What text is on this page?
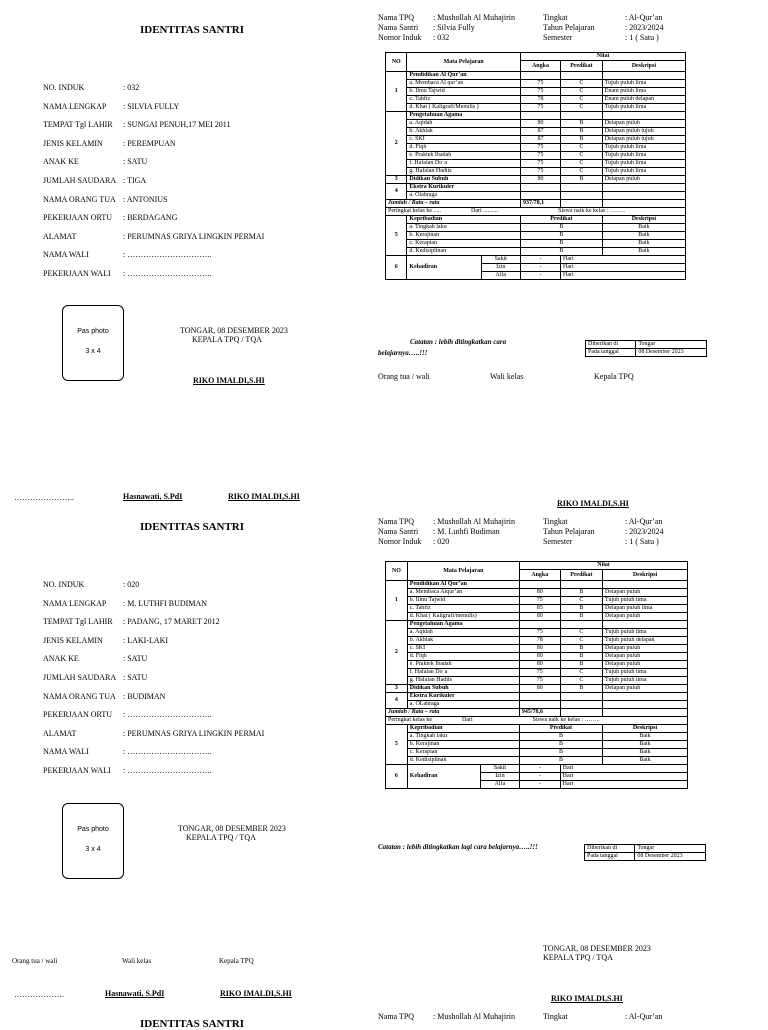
IDENTITAS SANTRI
NO. INDUK	: 032
NAMA LENGKAP : SILVIA FULLY
TEMPAT Tgl LAHIR : SUNGAI PENUH,17 MEI 2011
JENIS KELAMIN	: PEREMPUAN
ANAK KE	: SATU
JUMLAH SAUDARA : TIGA
NAMA ORANG TUA : ANTONIUS
PEKERJAAN ORTU : BERDAGANG
ALAMAT	: PERUMNAS GRIYA LINGKIN PERMAI
NAMA WALI	: …………………………..
PEKERJAAN WALI : …………………………..
Pas photo
3 x 4
TONGAR, 08 DESEMBER 2023
KEPALA TPQ / TQA
RIKO IMALDI,S.HI
Nama TPQ : Mushollah Al Muhajirin	Tingkat	: Al-Qur’an
Nama Santri : Silvia Fully	Tahun Pelajaran	: 2023/2024
Nomor Induk : 032	Semester	: 1 ( Satu )
NO	Mata Pelajaran		Nilai		
			Angka	Predikat	Deskripsi
1	Pendidikan Al Qur’an				
	a. Membaca Al qur’an		75	C	Tujuh puluh lima
	b. Ilmu Tajwid		75	C	Enam puluh lima
	c. Tahfiz		78	C	Enam puluh delapan
	d. Khat ( Kaligrafi/Menulis )		75	C	Tujuh puluh lima
2	Pengetahuan Agama				
	a. Aqidah		80	B	Delapan puluh
	b. Akhlak		87	B	Delapan puluh tujuh
	c. SKI		87	B	Delapan puluh tujuh
	d. Fiqh		75	C	Tujuh puluh lima
	e. Praktek Ibadah		75	C	Tujuh puluh lima
	f. Hafalan Do`a		75	C	Tujuh puluh lima
	g. Hafalan Hadits		75	C	Tujuh puluh lima
3	Didikan Subuh		80	B	Delapan puluh
4	Ekstra Kurikuler				
	a. Olahraga				
Jumlah / Rata – rata			937/78,1		
Peringkat kelas ke ..... Dari .......... Siswa naik ke kelas : ……..					
5	Kepribadian		Predikat		Deskripsi
	a. Tingkah laku		B		Baik
	b. Kerajinan		B		Baik
	c. Kerapian		B		Baik
	d. Kedisiplinan		B		Baik
6	Kehadiran	Sakit	-	Hari	
		Izin	-	Hari	
		Alfa	-	Hari	
Diberikan di	Tongar
Pada tanggal	08 Desember 2023
Catatan : lebih ditingkatkan cara
belajarnya…..!!!
Orang tua / wali	Wali kelas	Kepala TPQ
…………………..	Hasnawati, S.PdI	RIKO IMALDI,S.HI
RIKO IMALDI,S.HI
IDENTITAS SANTRI
NO. INDUK	: 020
NAMA LENGKAP : M. LUTHFI BUDIMAN
TEMPAT Tgl LAHIR : PADANG, 17 MARET 2012
JENIS KELAMIN	: LAKI-LAKI
ANAK KE	: SATU
JUMLAH SAUDARA : SATU
NAMA ORANG TUA : BUDIMAN
PEKERJAAN ORTU : …………………………..
ALAMAT	: PERUMNAS GRIYA LINGKIN PERMAI
NAMA WALI	: …………………………..
PEKERJAAN WALI : …………………………..
Pas photo
3 x 4
TONGAR, 08 DESEMBER 2023
KEPALA TPQ / TQA
Nama TPQ : Mushollah Al Muhajirin	Tingkat	: Al-Qur’an
Nama Santri : M. Luthfi Budiman	Tahun Pelajaran	: 2023/2024
Nomor Induk : 020	Semester	: 1 ( Satu )
NO	Mata Pelajaran		Nilai		
			Angka	Predikat	Deskripsi
1	Pendidikan Al Qur’an				
	a. Membaca Alqur’an		80	B	Delapan puluh
	b. Ilmu Tajwid		75	C	Tujuh puluh lima
	c. Tahfiz		85	B	Delapan puluh lima
	d. Khat ( Kaligrafi/menulis)		80	B	Delapan puluh
2	Pengetahuan Agama				
	a. Aqidah		75	C	Tujuh puluh lima
	b. Akhlak		78	C	Tujuh puluh delapan
	c. SKI		80	B	Delapan puluh
	d. Fiqh		80	B	Delapan puluh
	e. Praktek Ibadah		80	B	Delapan puluh
	f. Hafalan Do`a		75	C	Tujuh puluh lima
	g. Hafalan Hadits		75	C	Tujuh puluh lima
3	Didikan Subuh		80	B	Delapan puluh
4	Ekstra Kurikuler				
	a. OLahraga				
Jumlah / Rata – rata			945/78,6		
Peringkat kelas ke Dari Siswa naik ke kelas : ……..					
5	Kepribadian		Predikat		Deskripsi
	a. Tingkah laku		B		Baik
	b. Kerajinan		B		Baik
	c. Kerapian		B		Baik
	d. Kedisiplinan		B		Baik
6	Kehadiran	Sakit	-	Hari	
		Izin	-	Hari	
		Alfa	-	Hari	
Catatan : lebih ditingkatkan lagi cara belajarnya…..!!!	Diberikan di	Tongar
Pada tanggal	08 Desember 2023
TONGAR, 08 DESEMBER 2023
KEPALA TPQ / TQA
RIKO IMALDI,S.HI
Orang tua / wali	Wali kelas	Kepala TPQ
……………….	Hasnawati, S.PdI	RIKO IMALDI,S.HI
IDENTITAS SANTRI
Nama TPQ : Mushollah Al Muhajirin	Tingkat	: Al-Qur’an
